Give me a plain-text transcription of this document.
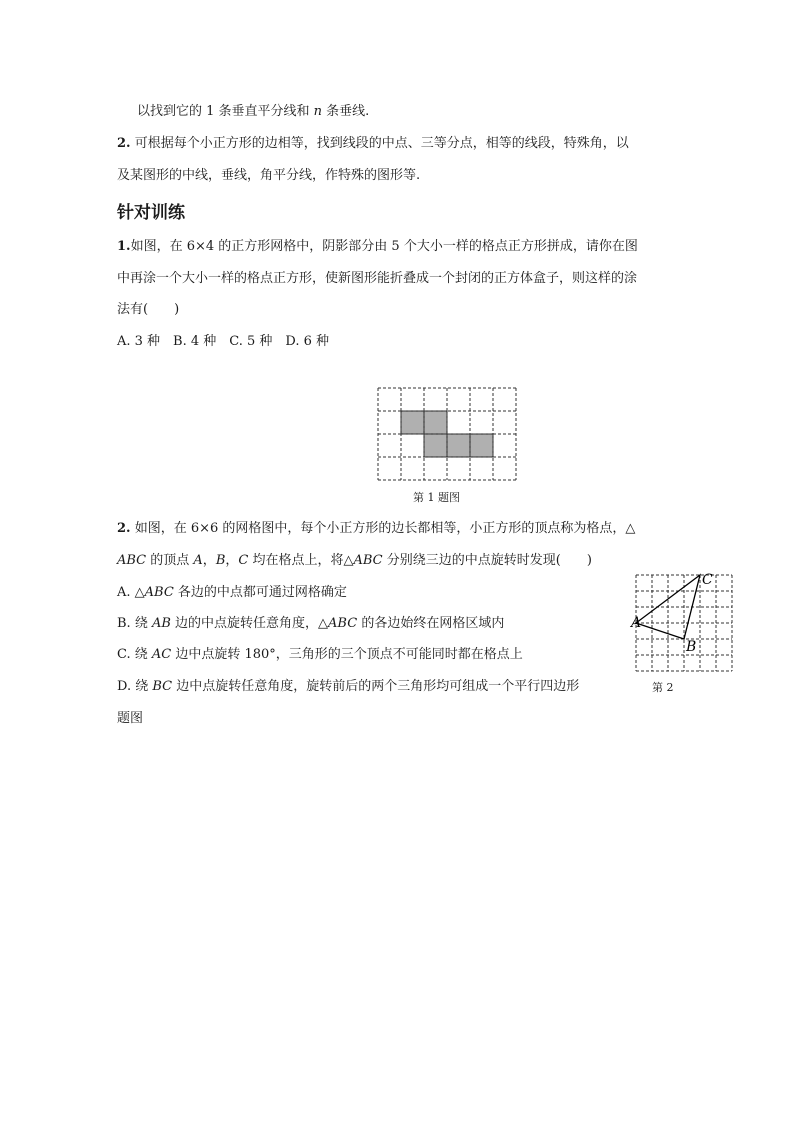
以找到它的 1 条垂直平分线和 n 条垂线.
2. 可根据每个小正方形的边相等，找到线段的中点、三等分点，相等的线段，特殊角，以
及某图形的中线，垂线，角平分线，作特殊的图形等.
针对训练
1.如图，在 6×4 的正方形网格中，阴影部分由 5 个大小一样的格点正方形拼成，请你在图
中再涂一个大小一样的格点正方形，使新图形能折叠成一个封闭的正方体盒子，则这样的涂
法有(　　)
A. 3 种　B. 4 种　C. 5 种　D. 6 种
第 1 题图
2. 如图，在 6×6 的网格图中，每个小正方形的边长都相等，小正方形的顶点称为格点，△
ABC 的顶点 A，B，C 均在格点上，将△ABC 分别绕三边的中点旋转时发现(　　)
A. △ABC 各边的中点都可通过网格确定
B. 绕 AB 边的中点旋转任意角度，△ABC 的各边始终在网格区域内
C. 绕 AC 边中点旋转 180°，三角形的三个顶点不可能同时都在格点上
D. 绕 BC 边中点旋转任意角度，旋转前后的两个三角形均可组成一个平行四边形
题图
A
B
C
第 2
